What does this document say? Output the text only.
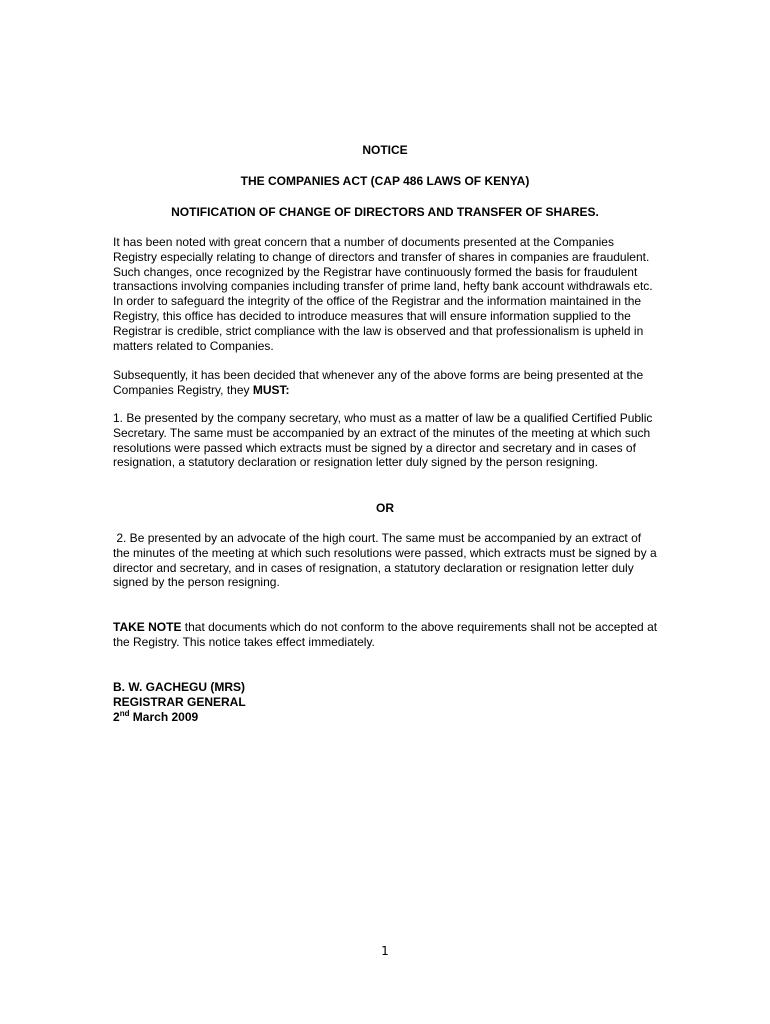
NOTICE

THE COMPANIES ACT (CAP 486 LAWS OF KENYA)

NOTIFICATION OF CHANGE OF DIRECTORS AND TRANSFER OF SHARES.

It has been noted with great concern that a number of documents presented at the Companies Registry especially relating to change of directors and transfer of shares in companies are fraudulent. Such changes, once recognized by the Registrar have continuously formed the basis for fraudulent transactions involving companies including transfer of prime land, hefty bank account withdrawals etc. In order to safeguard the integrity of the office of the Registrar and the information maintained in the Registry, this office has decided to introduce measures that will ensure information supplied to the Registrar is credible, strict compliance with the law is observed and that professionalism is upheld in matters related to Companies.

Subsequently, it has been decided that whenever any of the above forms are being presented at the Companies Registry, they MUST:

1. Be presented by the company secretary, who must as a matter of law be a qualified Certified Public Secretary. The same must be accompanied by an extract of the minutes of the meeting at which such resolutions were passed which extracts must be signed by a director and secretary and in cases of resignation, a statutory declaration or resignation letter duly signed by the person resigning.

OR

2. Be presented by an advocate of the high court. The same must be accompanied by an extract of the minutes of the meeting at which such resolutions were passed, which extracts must be signed by a director and secretary, and in cases of resignation, a statutory declaration or resignation letter duly signed by the person resigning.

TAKE NOTE that documents which do not conform to the above requirements shall not be accepted at the Registry. This notice takes effect immediately.

B. W. GACHEGU (MRS)
REGISTRAR GENERAL
2nd March 2009
1
